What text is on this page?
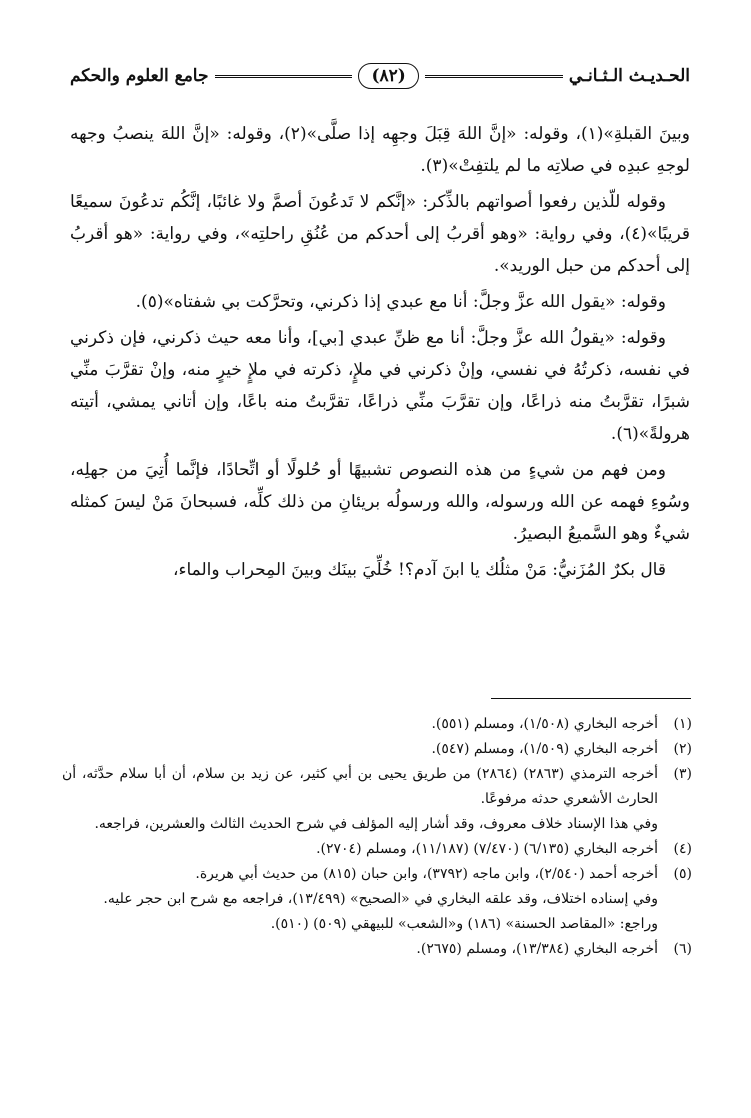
الحـديـث الـثـانـي
(٨٢)
جامع العلوم والحكم

وبينَ القبلةِ»(١)، وقوله: «إنَّ اللهَ قِبَلَ وجهِه إذا صلَّى»(٢)، وقوله: «إنَّ اللهَ ينصبُ وجهه لوجهِ عبدِه في صلاتِه ما لم يلتفِتْ»(٣).

وقوله للّذين رفعوا أصواتهم بالذِّكر: «إنَّكم لا تَدعُونَ أصمَّ ولا غائبًا، إنَّكُم تدعُونَ سميعًا قريبًا»(٤)، وفي رواية: «وهو أقربُ إلى أحدكم من عُنُقِ راحلتِه»، وفي رواية: «هو أقربُ إلى أحدكم من حبل الوريد».

وقوله: «يقول الله عزَّ وجلَّ: أنا مع عبدي إذا ذكرني، وتحرَّكت بي شفتاه»(٥).

وقوله: «يقولُ الله عزَّ وجلَّ: أنا مع ظنِّ عبدي [بي]، وأنا معه حيث ذكرني، فإن ذكرني في نفسه، ذكرتُهُ في نفسي، وإنْ ذكرني في ملإٍ، ذكرته في ملإٍ خيرٍ منه، وإنْ تقرَّبَ منِّي شبرًا، تقرَّبتُ منه ذراعًا، وإن تقرَّبَ منِّي ذراعًا، تقرَّبتُ منه باعًا، وإن أتاني يمشي، أتيته هرولةً»(٦).

ومن فهم من شيءٍ من هذه النصوص تشبيهًا أو حُلولًا أو اتِّحادًا، فإنَّما أُتِيَ من جهلِه، وسُوءِ فهمه عن الله ورسوله، والله ورسولُه بريئانِ من ذلك كلِّه، فسبحانَ مَنْ ليسَ كمثله شيءٌ وهو السَّميعُ البصيرُ.

قال بكرٌ المُزَنيُّ: مَنْ مثلُك يا ابنَ آدم؟! خُلِّيَ بينَك وبينَ المِحراب والماء،

(١)
أخرجه البخاري (١/٥٠٨)، ومسلم (٥٥١).
(٢)
أخرجه البخاري (١/٥٠٩)، ومسلم (٥٤٧).
(٣)
أخرجه الترمذي (٢٨٦٣) (٢٨٦٤) من طريق يحيى بن أبي كثير، عن زيد بن سلام، أن أبا سلام حدَّثه، أن الحارث الأشعري حدثه مرفوعًا.
وفي هذا الإسناد خلاف معروف، وقد أشار إليه المؤلف في شرح الحديث الثالث والعشرين، فراجعه.
(٤)
أخرجه البخاري (٦/١٣٥) (٧/٤٧٠) (١١/١٨٧)، ومسلم (٢٧٠٤).
(٥)
أخرجه أحمد (٢/٥٤٠)، وابن ماجه (٣٧٩٢)، وابن حبان (٨١٥) من حديث أبي هريرة.
وفي إسناده اختلاف، وقد علقه البخاري في «الصحيح» (١٣/٤٩٩)، فراجعه مع شرح ابن حجر عليه.
وراجع: «المقاصد الحسنة» (١٨٦) و«الشعب» للبيهقي (٥٠٩) (٥١٠).
(٦)
أخرجه البخاري (١٣/٣٨٤)، ومسلم (٢٦٧٥).
